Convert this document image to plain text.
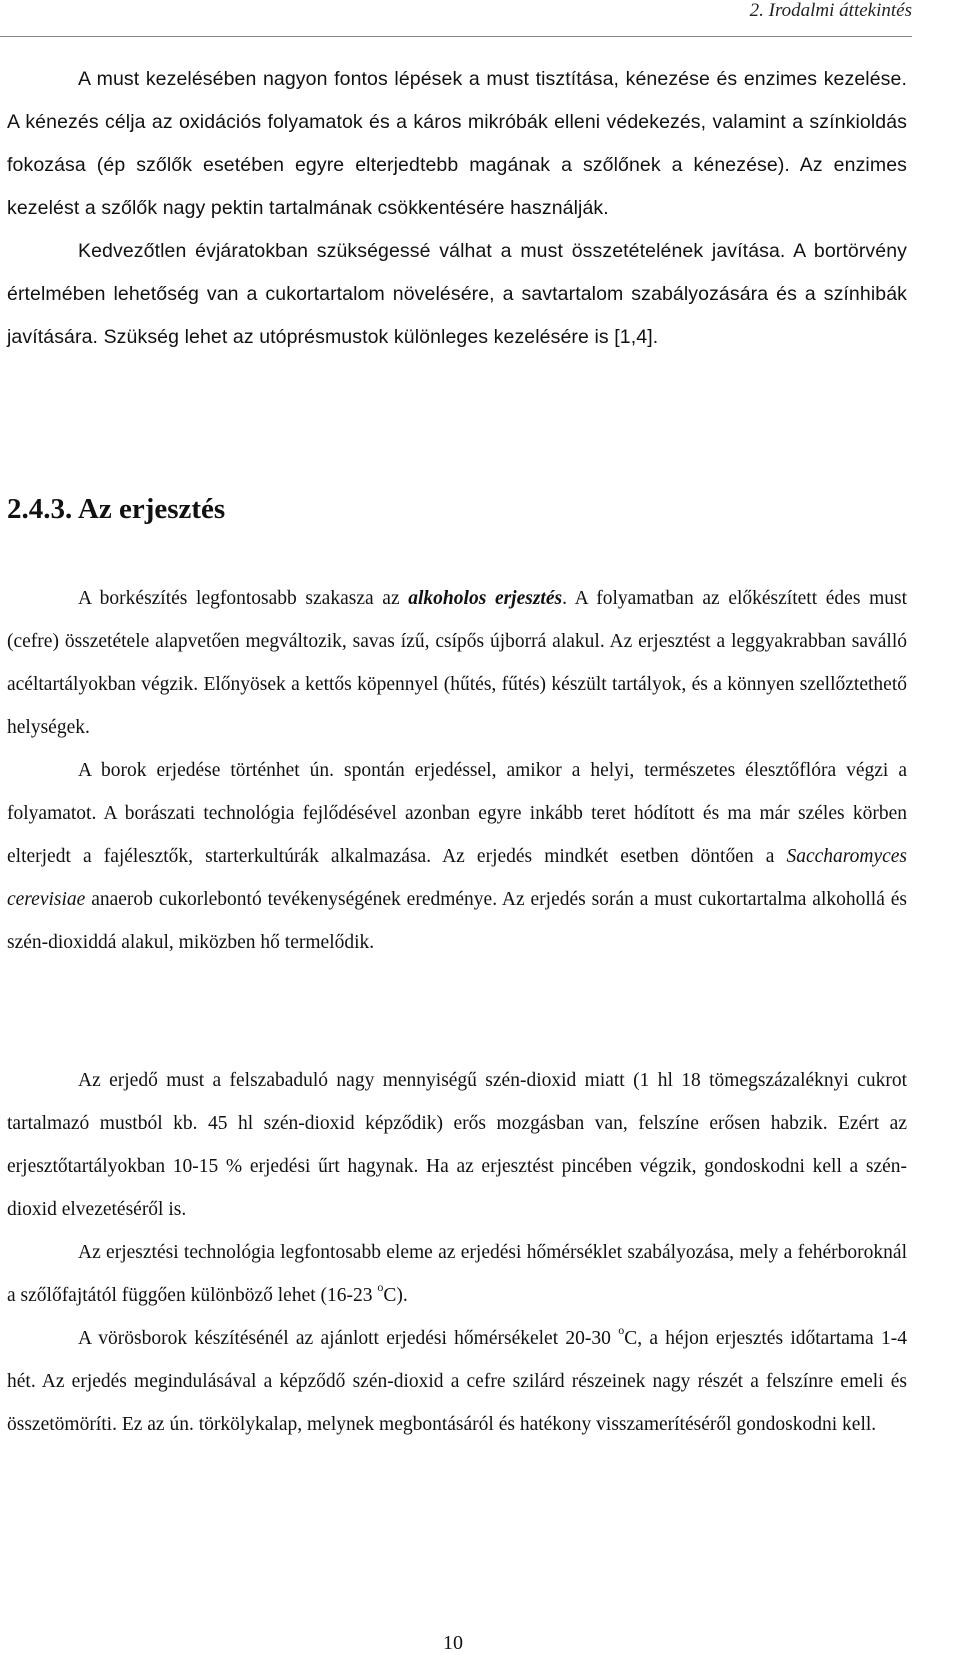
2. Irodalmi áttekintés

A must kezelésében nagyon fontos lépések a must tisztítása, kénezése és enzimes kezelése. A kénezés célja az oxidációs folyamatok és a káros mikróbák elleni védekezés, valamint a színkioldás fokozása (ép szőlők esetében egyre elterjedtebb magának a szőlőnek a kénezése). Az enzimes kezelést a szőlők nagy pektin tartalmának csökkentésére használják.

Kedvezőtlen évjáratokban szükségessé válhat a must összetételének javítása. A bortörvény értelmében lehetőség van a cukortartalom növelésére, a savtartalom szabályozására és a színhibák javítására. Szükség lehet az utóprésmustok különleges kezelésére is [1,4].

2.4.3. Az erjesztés

A borkészítés legfontosabb szakasza az alkoholos erjesztés. A folyamatban az előkészített édes must (cefre) összetétele alapvetően megváltozik, savas ízű, csípős újborrá alakul. Az erjesztést a leggyakrabban saválló acéltartályokban végzik. Előnyösek a kettős köpennyel (hűtés, fűtés) készült tartályok, és a könnyen szellőztethető helységek.

A borok erjedése történhet ún. spontán erjedéssel, amikor a helyi, természetes élesztőflóra végzi a folyamatot. A borászati technológia fejlődésével azonban egyre inkább teret hódított és ma már széles körben elterjedt a fajélesztők, starterkultúrák alkalmazása. Az erjedés mindkét esetben döntően a Saccharomyces cerevisiae anaerob cukorlebontó tevékenységének eredménye. Az erjedés során a must cukortartalma alkohollá és szén-dioxiddá alakul, miközben hő termelődik.

Az erjedő must a felszabaduló nagy mennyiségű szén-dioxid miatt (1 hl 18 tömegszázaléknyi cukrot tartalmazó mustból kb. 45 hl szén-dioxid képződik) erős mozgásban van, felszíne erősen habzik. Ezért az erjesztőtartályokban 10-15 % erjedési űrt hagynak. Ha az erjesztést pincében végzik, gondoskodni kell a szén-dioxid elvezetéséről is.

Az erjesztési technológia legfontosabb eleme az erjedési hőmérséklet szabályozása, mely a fehérboroknál a szőlőfajtától függően különböző lehet (16-23 $^o$C).

A vörösborok készítésénél az ajánlott erjedési hőmérsékelet 20-30 $^o$C, a héjon erjesztés időtartama 1-4 hét. Az erjedés megindulásával a képződő szén-dioxid a cefre szilárd részeinek nagy részét a felszínre emeli és összetömöríti. Ez az ún. törkölykalap, melynek megbontásáról és hatékony visszamerítéséről gondoskodni kell.

10
